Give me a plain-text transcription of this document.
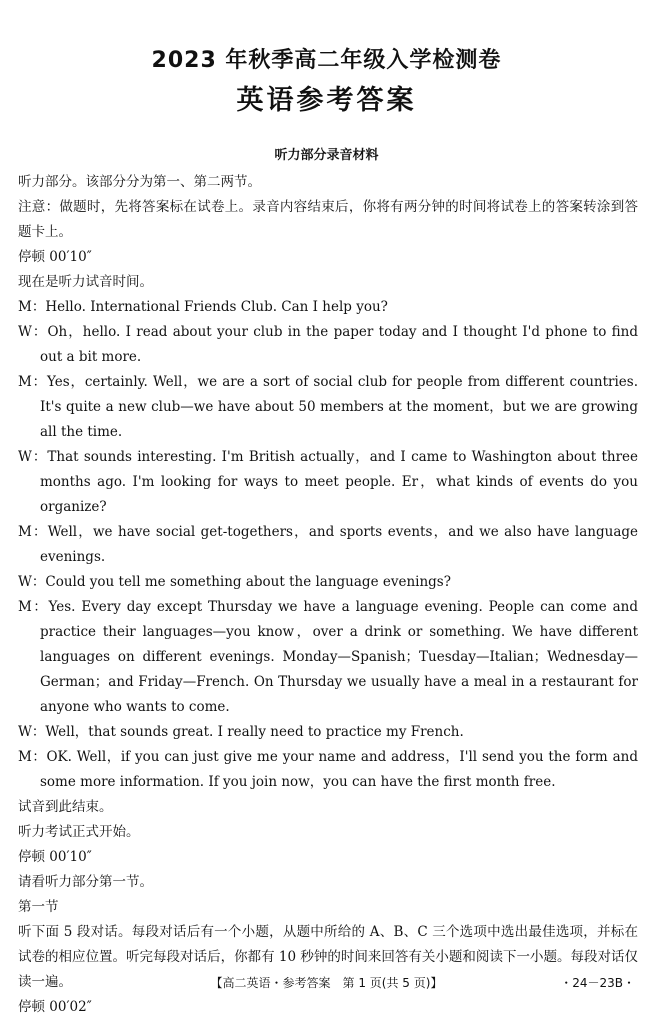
2023 年秋季高二年级入学检测卷
英语参考答案
听力部分录音材料
听力部分。该部分分为第一、第二两节。
注意：做题时，先将答案标在试卷上。录音内容结束后，你将有两分钟的时间将试卷上的答案转涂到答题卡上。
停顿 00′10″
现在是听力试音时间。
M：Hello. International Friends Club. Can I help you?
W：Oh，hello. I read about your club in the paper today and I thought I'd phone to find out a bit more.
M：Yes，certainly. Well，we are a sort of social club for people from different countries. It's quite a new club—we have about 50 members at the moment，but we are growing all the time.
W：That sounds interesting. I'm British actually，and I came to Washington about three months ago. I'm looking for ways to meet people. Er，what kinds of events do you organize?
M：Well，we have social get-togethers，and sports events，and we also have language evenings.
W：Could you tell me something about the language evenings?
M：Yes. Every day except Thursday we have a language evening. People can come and practice their languages—you know，over a drink or something. We have different languages on different evenings. Monday—Spanish；Tuesday—Italian；Wednesday—German；and Friday—French. On Thursday we usually have a meal in a restaurant for anyone who wants to come.
W：Well，that sounds great. I really need to practice my French.
M：OK. Well，if you can just give me your name and address，I'll send you the form and some more information. If you join now，you can have the first month free.
试音到此结束。
听力考试正式开始。
停顿 00′10″
请看听力部分第一节。
第一节
听下面 5 段对话。每段对话后有一个小题，从题中所给的 A、B、C 三个选项中选出最佳选项，并标在试卷的相应位置。听完每段对话后，你都有 10 秒钟的时间来回答有关小题和阅读下一小题。每段对话仅读一遍。
停顿 00′02″
【高二英语・参考答案　第 1 页(共 5 页)】	・24－23B・
